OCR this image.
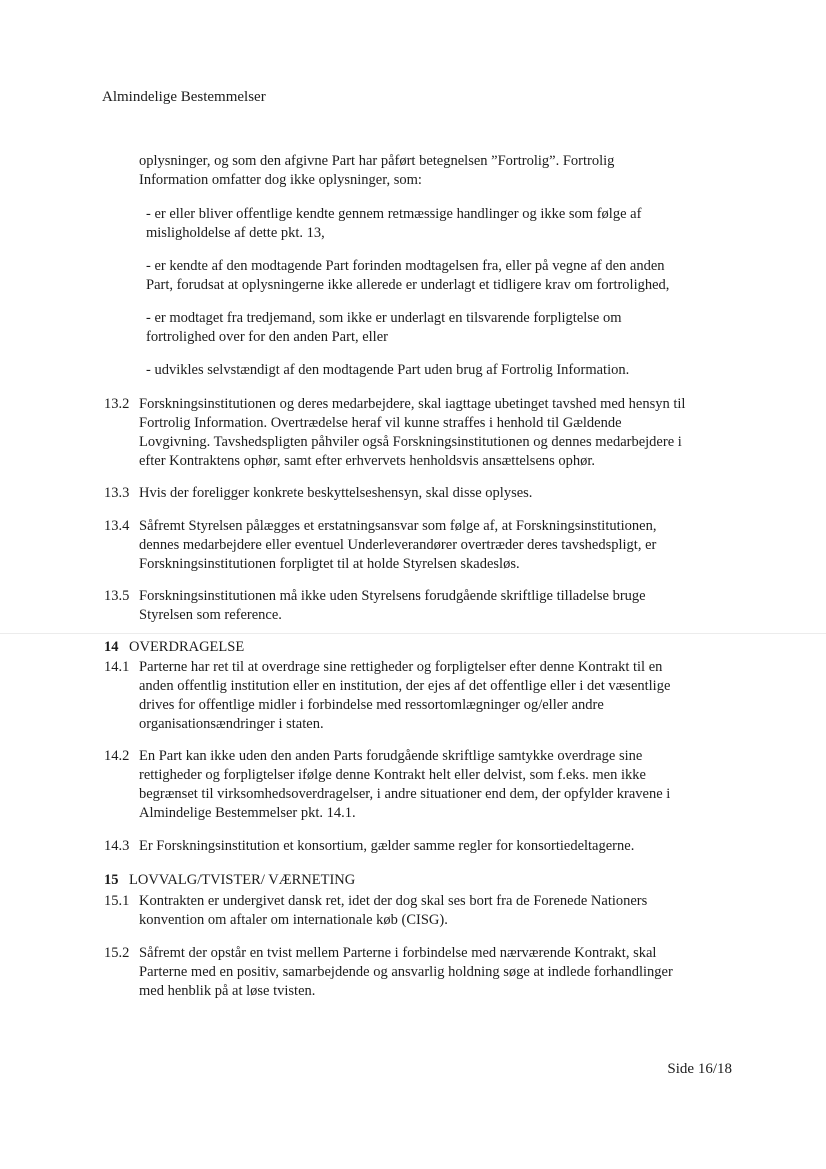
Almindelige Bestemmelser
oplysninger, og som den afgivne Part har påført betegnelsen ”Fortrolig”. Fortrolig
Information omfatter dog ikke oplysninger, som:
- er eller bliver offentlige kendte gennem retmæssige handlinger og ikke som følge af
misligholdelse af dette pkt. 13,
- er kendte af den modtagende Part forinden modtagelsen fra, eller på vegne af den anden
Part, forudsat at oplysningerne ikke allerede er underlagt et tidligere krav om fortrolighed,
- er modtaget fra tredjemand, som ikke er underlagt en tilsvarende forpligtelse om
fortrolighed over for den anden Part, eller
- udvikles selvstændigt af den modtagende Part uden brug af Fortrolig Information.
13.2 Forskningsinstitutionen og deres medarbejdere, skal iagttage ubetinget tavshed med hensyn til
Fortrolig Information. Overtrædelse heraf vil kunne straffes i henhold til Gældende
Lovgivning. Tavshedspligten påhviler også Forskningsinstitutionen og dennes medarbejdere i
efter Kontraktens ophør, samt efter erhvervets henholdsvis ansættelsens ophør.
13.3 Hvis der foreligger konkrete beskyttelseshensyn, skal disse oplyses.
13.4 Såfremt Styrelsen pålægges et erstatningsansvar som følge af, at Forskningsinstitutionen,
dennes medarbejdere eller eventuel Underleverandører overtræder deres tavshedspligt, er
Forskningsinstitutionen forpligtet til at holde Styrelsen skadesløs.
13.5 Forskningsinstitutionen må ikke uden Styrelsens forudgående skriftlige tilladelse bruge
Styrelsen som reference.
14 OVERDRAGELSE
14.1 Parterne har ret til at overdrage sine rettigheder og forpligtelser efter denne Kontrakt til en
anden offentlig institution eller en institution, der ejes af det offentlige eller i det væsentlige
drives for offentlige midler i forbindelse med ressortomlægninger og/eller andre
organisationsændringer i staten.
14.2 En Part kan ikke uden den anden Parts forudgående skriftlige samtykke overdrage sine
rettigheder og forpligtelser ifølge denne Kontrakt helt eller delvist, som f.eks. men ikke
begrænset til virksomhedsoverdragelser, i andre situationer end dem, der opfylder kravene i
Almindelige Bestemmelser pkt. 14.1.
14.3 Er Forskningsinstitution et konsortium, gælder samme regler for konsortiedeltagerne.
15 LOVVALG/TVISTER/ VÆRNETING
15.1 Kontrakten er undergivet dansk ret, idet der dog skal ses bort fra de Forenede Nationers
konvention om aftaler om internationale køb (CISG).
15.2 Såfremt der opstår en tvist mellem Parterne i forbindelse med nærværende Kontrakt, skal
Parterne med en positiv, samarbejdende og ansvarlig holdning søge at indlede forhandlinger
med henblik på at løse tvisten.
Side 16/18
